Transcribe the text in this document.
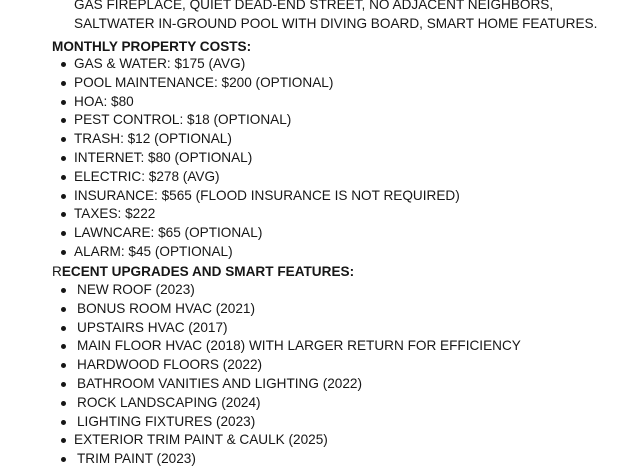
GAS FIREPLACE, QUIET DEAD-END STREET, NO ADJACENT NEIGHBORS,
SALTWATER IN-GROUND POOL WITH DIVING BOARD, SMART HOME FEATURES.
MONTHLY PROPERTY COSTS:
GAS & WATER: $175 (AVG)
POOL MAINTENANCE: $200 (OPTIONAL)
HOA: $80
PEST CONTROL: $18 (OPTIONAL)
TRASH: $12 (OPTIONAL)
INTERNET: $80 (OPTIONAL)
ELECTRIC: $278 (AVG)
INSURANCE: $565 (FLOOD INSURANCE IS NOT REQUIRED)
TAXES: $222
LAWNCARE: $65 (OPTIONAL)
ALARM: $45 (OPTIONAL)
RECENT UPGRADES AND SMART FEATURES:
NEW ROOF (2023)
BONUS ROOM HVAC (2021)
UPSTAIRS HVAC (2017)
MAIN FLOOR HVAC (2018) WITH LARGER RETURN FOR EFFICIENCY
HARDWOOD FLOORS (2022)
BATHROOM VANITIES AND LIGHTING (2022)
ROCK LANDSCAPING (2024)
LIGHTING FIXTURES (2023)
EXTERIOR TRIM PAINT & CAULK (2025)
TRIM PAINT (2023)
